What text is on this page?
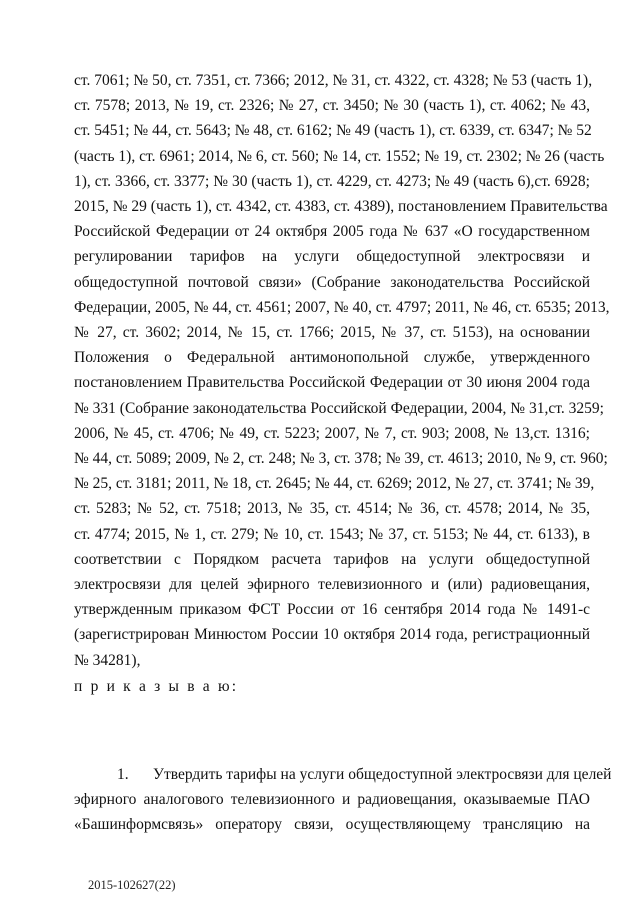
ст. 7061; № 50, ст. 7351, ст. 7366; 2012, № 31, ст. 4322, ст. 4328; № 53 (часть 1),
ст. 7578; 2013, № 19, ст. 2326; № 27, ст. 3450; № 30 (часть 1), ст. 4062; № 43,
ст. 5451; № 44, ст. 5643; № 48, ст. 6162; № 49 (часть 1), ст. 6339, ст. 6347; № 52
(часть 1), ст. 6961; 2014, № 6, ст. 560; № 14, ст. 1552; № 19, ст. 2302; № 26 (часть
1), ст. 3366, ст. 3377; № 30 (часть 1), ст. 4229, ст. 4273; № 49 (часть 6),ст. 6928;
2015, № 29 (часть 1), ст. 4342, ст. 4383, ст. 4389), постановлением Правительства
Российской Федерации от 24 октября 2005 года № 637 «О государственном
регулировании тарифов на услуги общедоступной электросвязи и
общедоступной почтовой связи» (Собрание законодательства Российской
Федерации, 2005, № 44, ст. 4561; 2007, № 40, ст. 4797; 2011, № 46, ст. 6535; 2013,
№ 27, ст. 3602; 2014, № 15, ст. 1766; 2015, № 37, ст. 5153), на основании
Положения о Федеральной антимонопольной службе, утвержденного
постановлением Правительства Российской Федерации от 30 июня 2004 года
№ 331 (Собрание законодательства Российской Федерации, 2004, № 31,ст. 3259;
2006, № 45, ст. 4706; № 49, ст. 5223; 2007, № 7, ст. 903; 2008, № 13,ст. 1316;
№ 44, ст. 5089; 2009, № 2, ст. 248; № 3, ст. 378; № 39, ст. 4613; 2010, № 9, ст. 960;
№ 25, ст. 3181; 2011, № 18, ст. 2645; № 44, ст. 6269; 2012, № 27, ст. 3741; № 39,
ст. 5283; № 52, ст. 7518; 2013, № 35, ст. 4514; № 36, ст. 4578; 2014, № 35,
ст. 4774; 2015, № 1, ст. 279; № 10, ст. 1543; № 37, ст. 5153; № 44, ст. 6133), в
соответствии с Порядком расчета тарифов на услуги общедоступной
электросвязи для целей эфирного телевизионного и (или) радиовещания,
утвержденным приказом ФСТ России от 16 сентября 2014 года № 1491-с
(зарегистрирован Минюстом России 10 октября 2014 года, регистрационный
№ 34281),
п р и к а з ы в а ю:
1. Утвердить тарифы на услуги общедоступной электросвязи для целей
эфирного аналогового телевизионного и радиовещания, оказываемые ПАО
«Башинформсвязь» оператору связи, осуществляющему трансляцию на
2015-102627(22)
